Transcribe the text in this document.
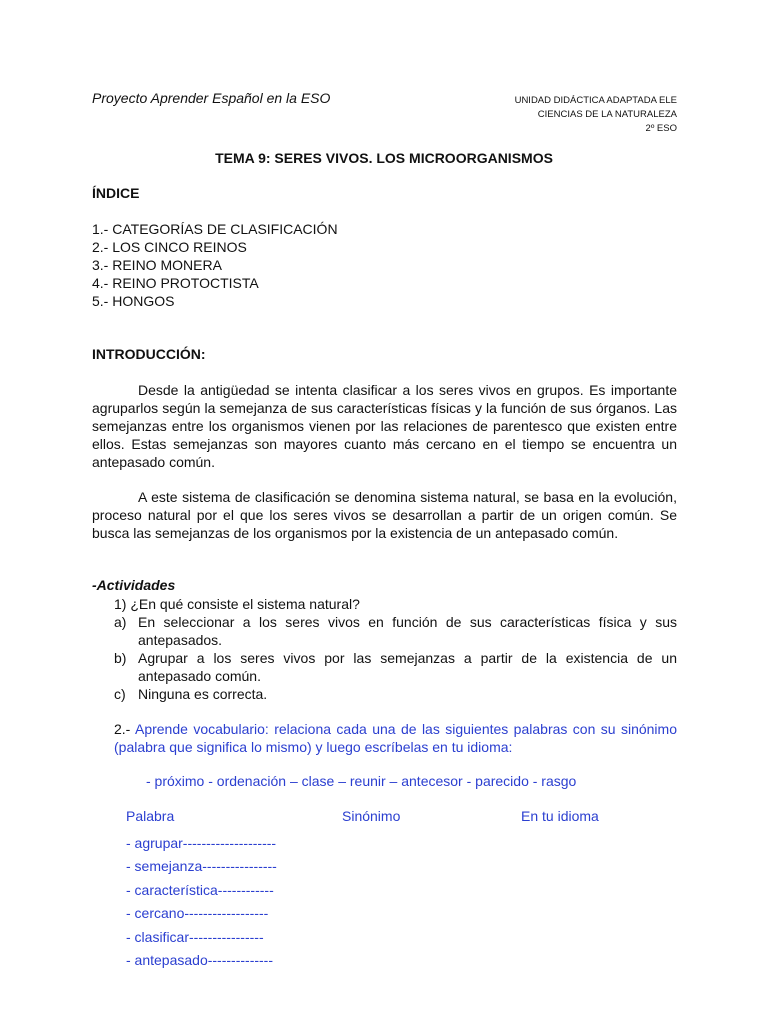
Proyecto Aprender Español en la ESO	UNIDAD DIDÁCTICA ADAPTADA ELE
CIENCIAS DE LA NATURALEZA
2º ESO
TEMA 9: SERES VIVOS. LOS MICROORGANISMOS
ÍNDICE
1.- CATEGORÍAS DE CLASIFICACIÓN
2.- LOS CINCO REINOS
3.- REINO MONERA
4.- REINO PROTOCTISTA
5.- HONGOS
INTRODUCCIÓN:

Desde la antigüedad se intenta clasificar a los seres vivos en grupos. Es importante agruparlos según la semejanza de sus características físicas y la función de sus órganos. Las semejanzas entre los organismos vienen por las relaciones de parentesco que existen entre ellos. Estas semejanzas son mayores cuanto más cercano en el tiempo se encuentra un antepasado común.

A este sistema de clasificación se denomina sistema natural, se basa en la evolución, proceso natural por el que los seres vivos se desarrollan a partir de un origen común. Se busca las semejanzas de los organismos por la existencia de un antepasado común.

-Actividades
1) ¿En qué consiste el sistema natural?
a) En seleccionar a los seres vivos en función de sus características física y sus antepasados.
b) Agrupar a los seres vivos por las semejanzas a partir de la existencia de un antepasado común.
c) Ninguna es correcta.

2.- Aprende vocabulario: relaciona cada una de las siguientes palabras con su sinónimo (palabra que significa lo mismo) y luego escríbelas en tu idioma:

- próximo - ordenación – clase – reunir – antecesor - parecido - rasgo
Palabra	Sinónimo	En tu idioma
- agrupar--------------------
- semejanza----------------
- característica------------
- cercano------------------
- clasificar----------------
- antepasado--------------
